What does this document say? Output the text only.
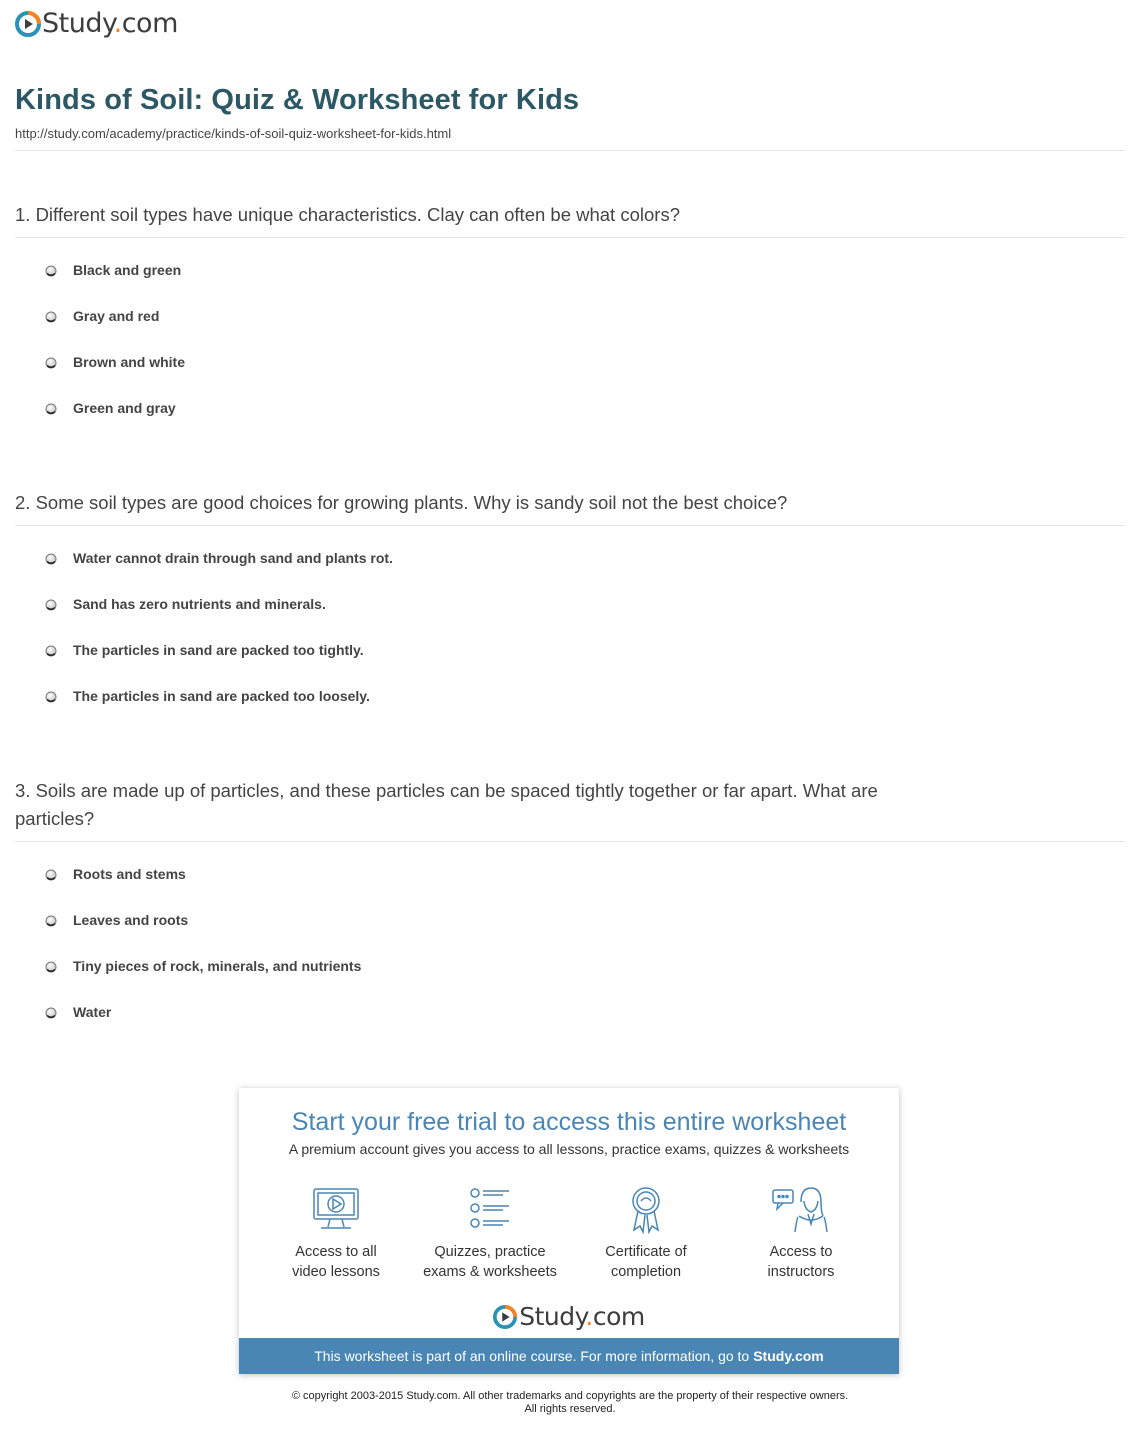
Study.com
Kinds of Soil: Quiz & Worksheet for Kids
http://study.com/academy/practice/kinds-of-soil-quiz-worksheet-for-kids.html
1. Different soil types have unique characteristics. Clay can often be what colors?
Black and green
Gray and red
Brown and white
Green and gray
2. Some soil types are good choices for growing plants. Why is sandy soil not the best choice?
Water cannot drain through sand and plants rot.
Sand has zero nutrients and minerals.
The particles in sand are packed too tightly.
The particles in sand are packed too loosely.
3. Soils are made up of particles, and these particles can be spaced tightly together or far apart. What are particles?
Roots and stems
Leaves and roots
Tiny pieces of rock, minerals, and nutrients
Water
Start your free trial to access this entire worksheet
A premium account gives you access to all lessons, practice exams, quizzes & worksheets
Access to all
video lessons
Quizzes, practice
exams & worksheets
Certificate of
completion
Access to
instructors
Study.com
This worksheet is part of an online course. For more information, go to Study.com
© copyright 2003-2015 Study.com. All other trademarks and copyrights are the property of their respective owners.
All rights reserved.
